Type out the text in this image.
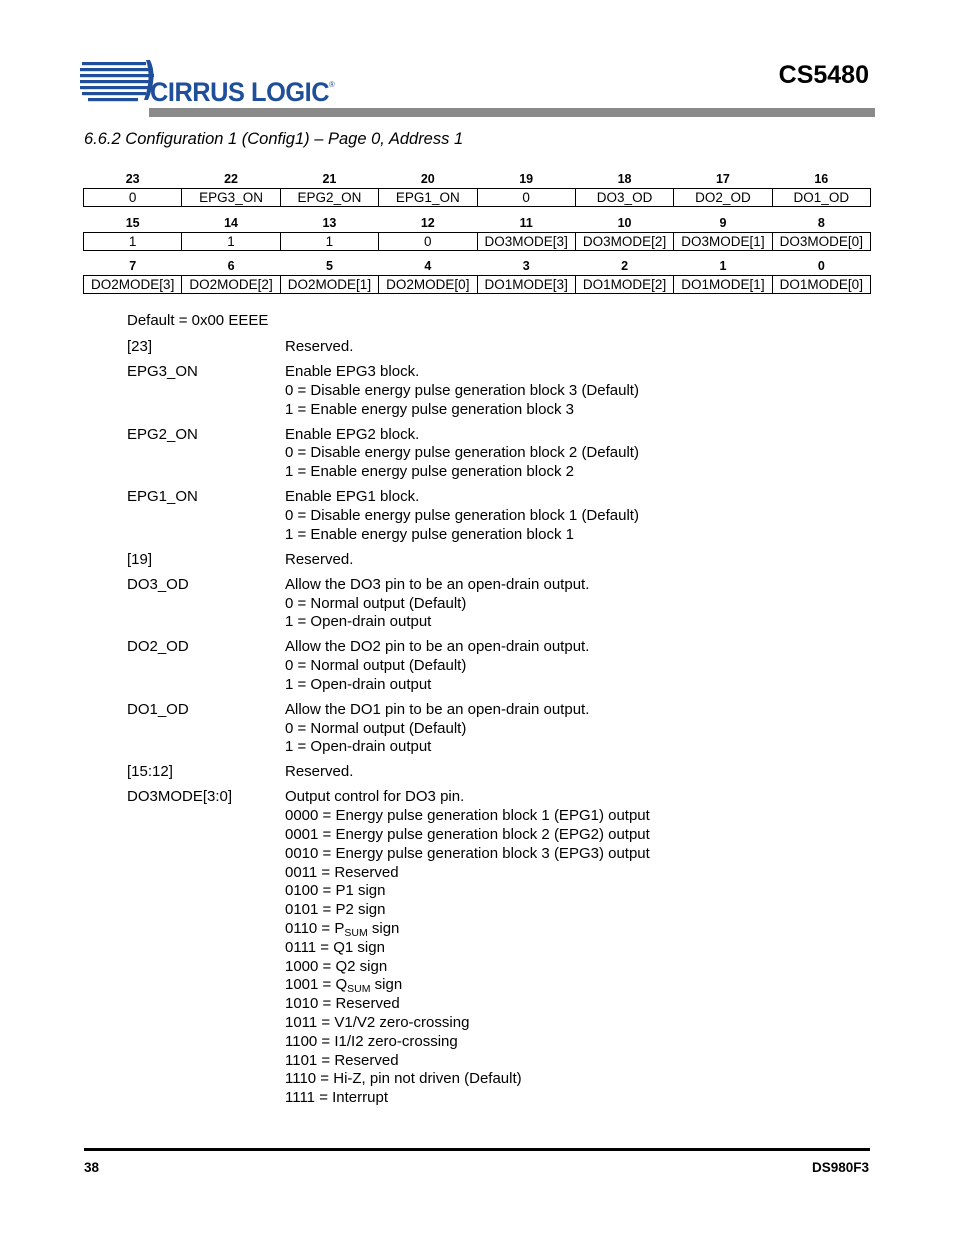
CIRRUS LOGIC®	CS5480
6.6.2 Configuration 1 (Config1) – Page 0, Address 1
23	22	21	20	19	18	17	16
0	EPG3_ON	EPG2_ON	EPG1_ON	0	DO3_OD	DO2_OD	DO1_OD
15	14	13	12	11	10	9	8
1	1	1	0	DO3MODE[3]	DO3MODE[2]	DO3MODE[1]	DO3MODE[0]
7	6	5	4	3	2	1	0
DO2MODE[3]	DO2MODE[2]	DO2MODE[1]	DO2MODE[0]	DO1MODE[3]	DO1MODE[2]	DO1MODE[1]	DO1MODE[0]
Default = 0x00 EEEE
[23]	Reserved.
EPG3_ON	Enable EPG3 block.
0 = Disable energy pulse generation block 3 (Default)
1 = Enable energy pulse generation block 3
EPG2_ON	Enable EPG2 block.
0 = Disable energy pulse generation block 2 (Default)
1 = Enable energy pulse generation block 2
EPG1_ON	Enable EPG1 block.
0 = Disable energy pulse generation block 1 (Default)
1 = Enable energy pulse generation block 1
[19]	Reserved.
DO3_OD	Allow the DO3 pin to be an open-drain output.
0 = Normal output (Default)
1 = Open-drain output
DO2_OD	Allow the DO2 pin to be an open-drain output.
0 = Normal output (Default)
1 = Open-drain output
DO1_OD	Allow the DO1 pin to be an open-drain output.
0 = Normal output (Default)
1 = Open-drain output
[15:12]	Reserved.
DO3MODE[3:0]	Output control for DO3 pin.
0000 = Energy pulse generation block 1 (EPG1) output
0001 = Energy pulse generation block 2 (EPG2) output
0010 = Energy pulse generation block 3 (EPG3) output
0011 = Reserved
0100 = P1 sign
0101 = P2 sign
$0110 = P_{SUM}$ sign
0111 = Q1 sign
1000 = Q2 sign
$1001 = Q_{SUM}$ sign
1010 = Reserved
1011 = V1/V2 zero-crossing
1100 = I1/I2 zero-crossing
1101 = Reserved
1110 = Hi-Z, pin not driven (Default)
1111 = Interrupt
38	DS980F3
